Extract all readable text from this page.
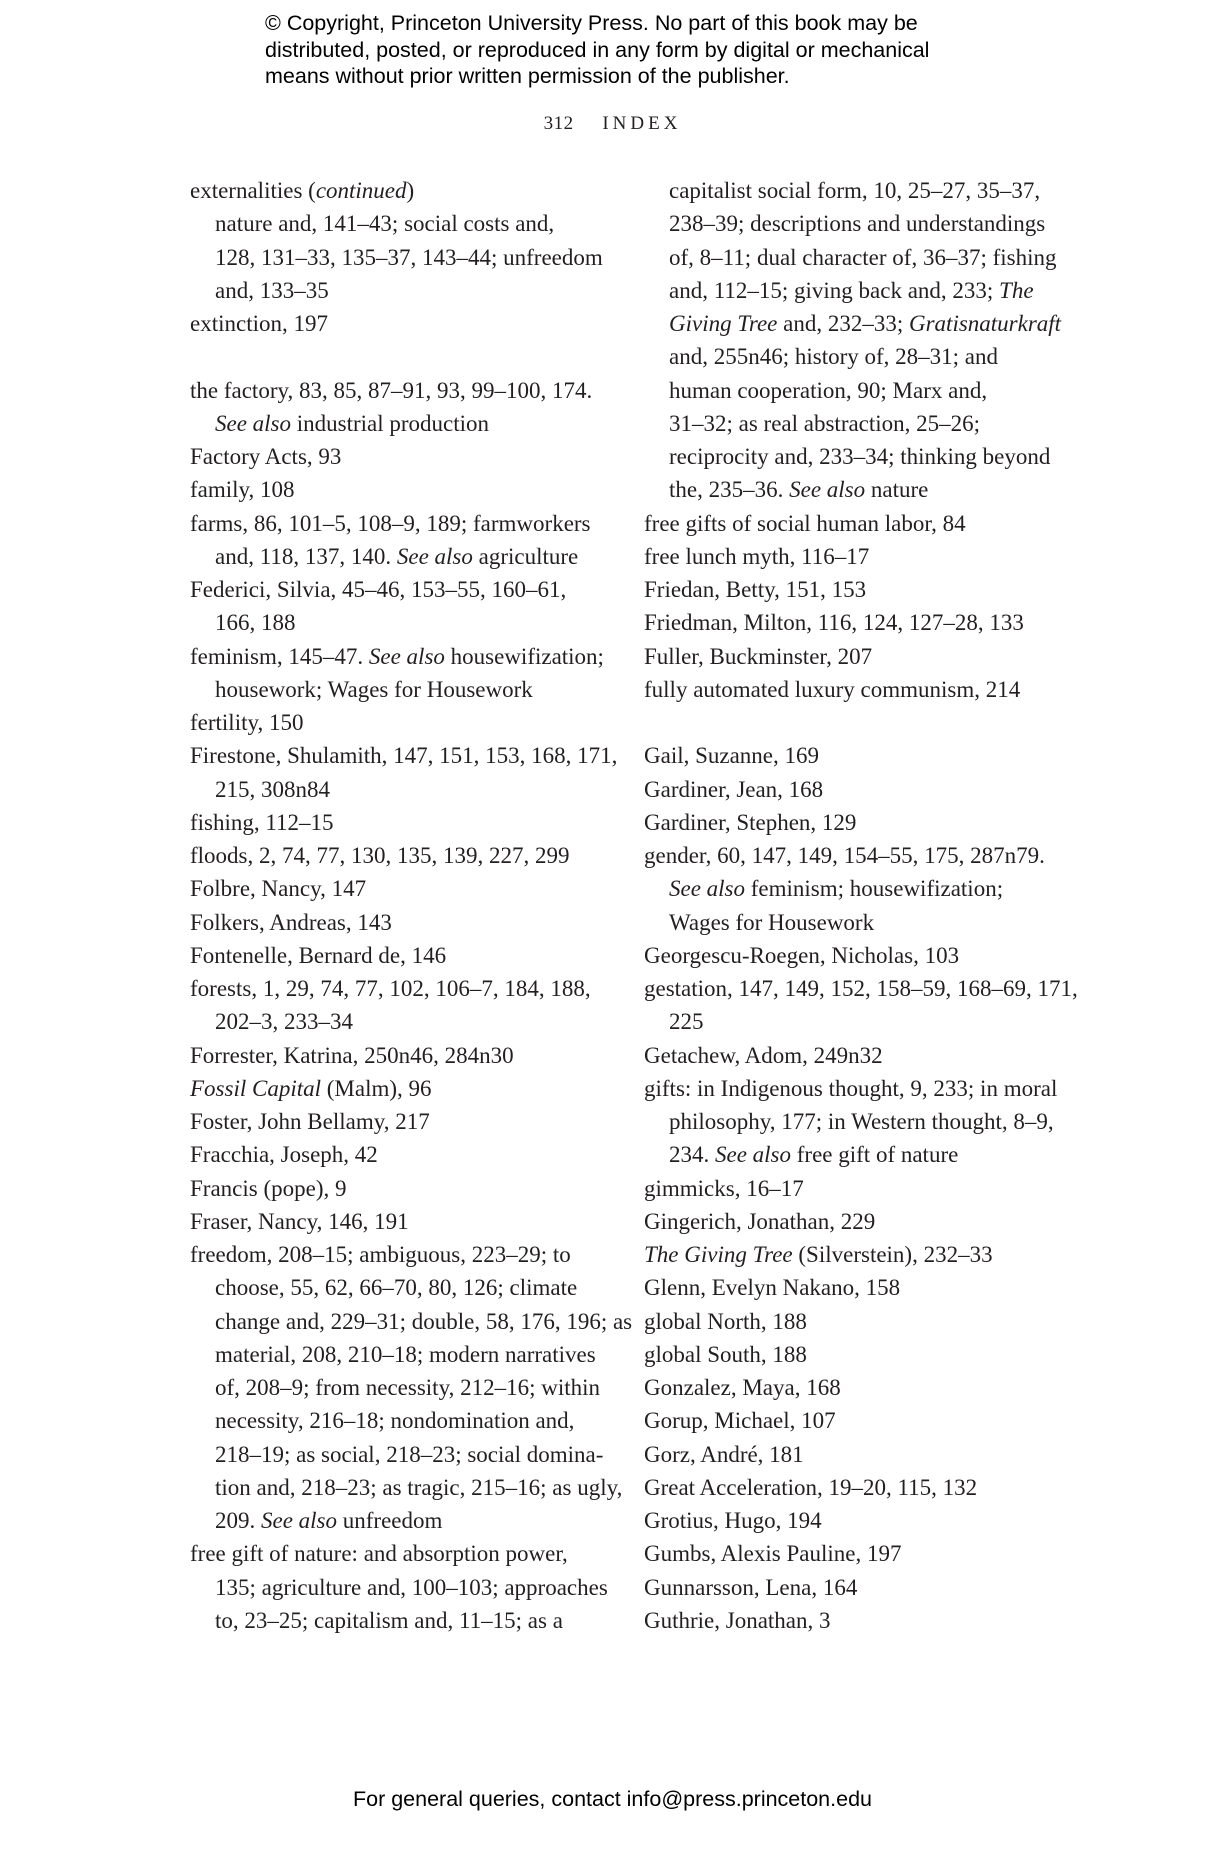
© Copyright, Princeton University Press. No part of this book may be
distributed, posted, or reproduced in any form by digital or mechanical
means without prior written permission of the publisher.
312 INDEX
externalities (continued)
nature and, 141–43; social costs and,
128, 131–33, 135–37, 143–44; unfreedom
and, 133–35
extinction, 197
the factory, 83, 85, 87–91, 93, 99–100, 174.
See also industrial production
Factory Acts, 93
family, 108
farms, 86, 101–5, 108–9, 189; farmworkers
and, 118, 137, 140. See also agriculture
Federici, Silvia, 45–46, 153–55, 160–61,
166, 188
feminism, 145–47. See also housewifization;
housework; Wages for Housework
fertility, 150
Firestone, Shulamith, 147, 151, 153, 168, 171,
215, 308n84
fishing, 112–15
floods, 2, 74, 77, 130, 135, 139, 227, 299
Folbre, Nancy, 147
Folkers, Andreas, 143
Fontenelle, Bernard de, 146
forests, 1, 29, 74, 77, 102, 106–7, 184, 188,
202–3, 233–34
Forrester, Katrina, 250n46, 284n30
Fossil Capital (Malm), 96
Foster, John Bellamy, 217
Fracchia, Joseph, 42
Francis (pope), 9
Fraser, Nancy, 146, 191
freedom, 208–15; ambiguous, 223–29; to
choose, 55, 62, 66–70, 80, 126; climate
change and, 229–31; double, 58, 176, 196; as
material, 208, 210–18; modern narratives
of, 208–9; from necessity, 212–16; within
necessity, 216–18; nondomination and,
218–19; as social, 218–23; social domina-
tion and, 218–23; as tragic, 215–16; as ugly,
209. See also unfreedom
free gift of nature: and absorption power,
135; agriculture and, 100–103; approaches
to, 23–25; capitalism and, 11–15; as a
capitalist social form, 10, 25–27, 35–37,
238–39; descriptions and understandings
of, 8–11; dual character of, 36–37; fishing
and, 112–15; giving back and, 233; The
Giving Tree and, 232–33; Gratisnaturkraft
and, 255n46; history of, 28–31; and
human cooperation, 90; Marx and,
31–32; as real abstraction, 25–26;
reciprocity and, 233–34; thinking beyond
the, 235–36. See also nature
free gifts of social human labor, 84
free lunch myth, 116–17
Friedan, Betty, 151, 153
Friedman, Milton, 116, 124, 127–28, 133
Fuller, Buckminster, 207
fully automated luxury communism, 214
Gail, Suzanne, 169
Gardiner, Jean, 168
Gardiner, Stephen, 129
gender, 60, 147, 149, 154–55, 175, 287n79.
See also feminism; housewifization;
Wages for Housework
Georgescu-Roegen, Nicholas, 103
gestation, 147, 149, 152, 158–59, 168–69, 171,
225
Getachew, Adom, 249n32
gifts: in Indigenous thought, 9, 233; in moral
philosophy, 177; in Western thought, 8–9,
234. See also free gift of nature
gimmicks, 16–17
Gingerich, Jonathan, 229
The Giving Tree (Silverstein), 232–33
Glenn, Evelyn Nakano, 158
global North, 188
global South, 188
Gonzalez, Maya, 168
Gorup, Michael, 107
Gorz, André, 181
Great Acceleration, 19–20, 115, 132
Grotius, Hugo, 194
Gumbs, Alexis Pauline, 197
Gunnarsson, Lena, 164
Guthrie, Jonathan, 3
For general queries, contact info@press.princeton.edu
